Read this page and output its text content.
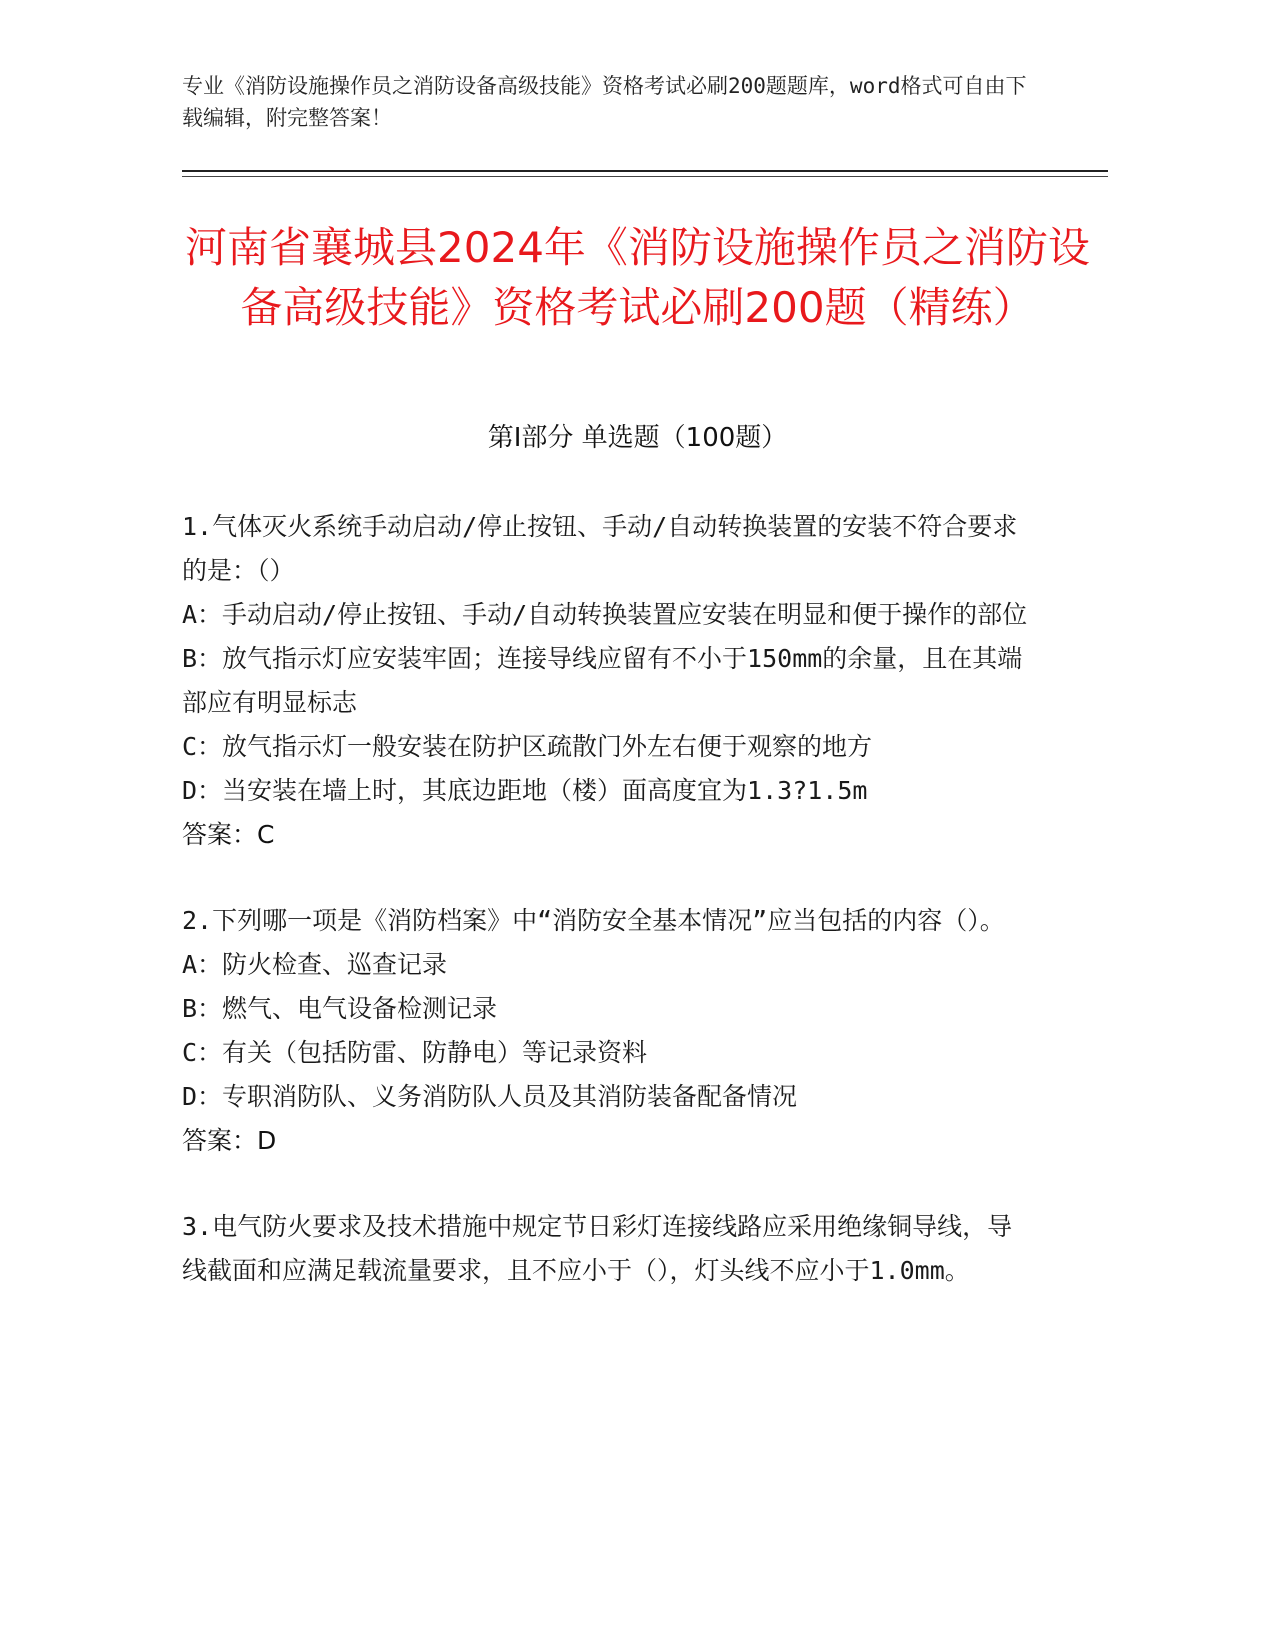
专业《消防设施操作员之消防设备高级技能》资格考试必刷200题题库，word格式可自由下载编辑，附完整答案！
河南省襄城县2024年《消防设施操作员之消防设备高级技能》资格考试必刷200题（精练）
第I部分 单选题（100题）
1.气体灭火系统手动启动/停止按钮、手动/自动转换装置的安装不符合要求的是：（）
A：手动启动/停止按钮、手动/自动转换装置应安装在明显和便于操作的部位
B：放气指示灯应安装牢固；连接导线应留有不小于150mm的余量，且在其端部应有明显标志
C：放气指示灯一般安装在防护区疏散门外左右便于观察的地方
D：当安装在墙上时，其底边距地（楼）面高度宜为1.3?1.5m
答案：C
2.下列哪一项是《消防档案》中“消防安全基本情况”应当包括的内容（）。
A：防火检查、巡查记录
B：燃气、电气设备检测记录
C：有关（包括防雷、防静电）等记录资料
D：专职消防队、义务消防队人员及其消防装备配备情况
答案：D
3.电气防火要求及技术措施中规定节日彩灯连接线路应采用绝缘铜导线，导线截面和应满足载流量要求，且不应小于（），灯头线不应小于1.0mm。
